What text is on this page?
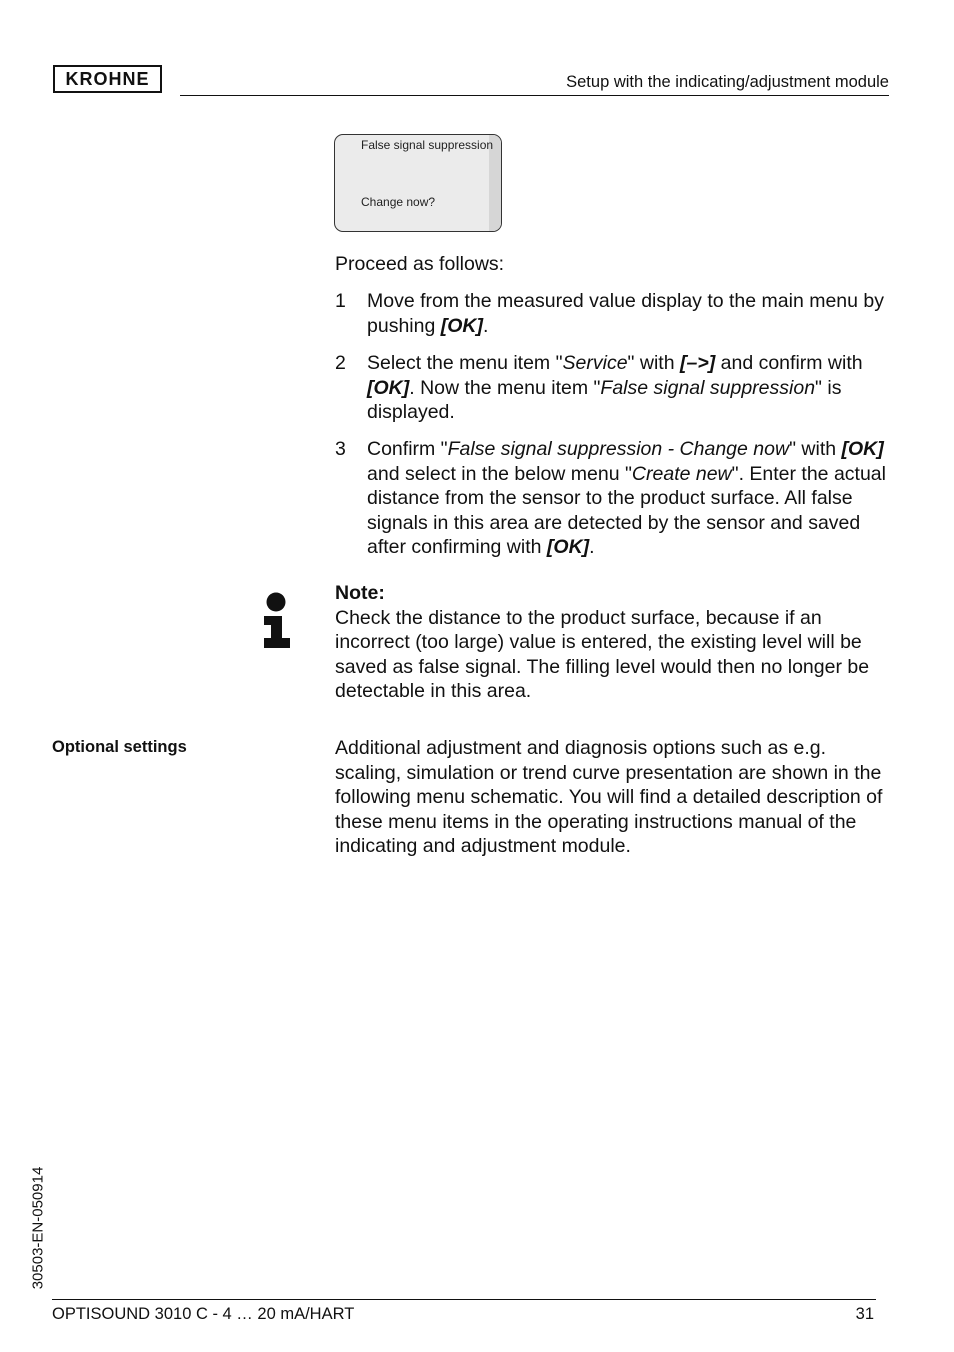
KROHNE	Setup with the indicating/adjustment module
False signal suppression
Change now?
Proceed as follows:
1 Move from the measured value display to the main menu by pushing [OK].
2 Select the menu item "Service" with [–>] and confirm with [OK]. Now the menu item "False signal suppression" is displayed.
3 Confirm "False signal suppression - Change now" with [OK] and select in the below menu "Create new". Enter the actual distance from the sensor to the product surface. All false signals in this area are detected by the sensor and saved after confirming with [OK].
Note:
Check the distance to the product surface, because if an incorrect (too large) value is entered, the existing level will be saved as false signal. The filling level would then no longer be detectable in this area.
Optional settings	Additional adjustment and diagnosis options such as e.g. scaling, simulation or trend curve presentation are shown in the following menu schematic. You will find a detailed description of these menu items in the operating instructions manual of the indicating and adjustment module.
30503-EN-050914
OPTISOUND 3010 C - 4 … 20 mA/HART	31
